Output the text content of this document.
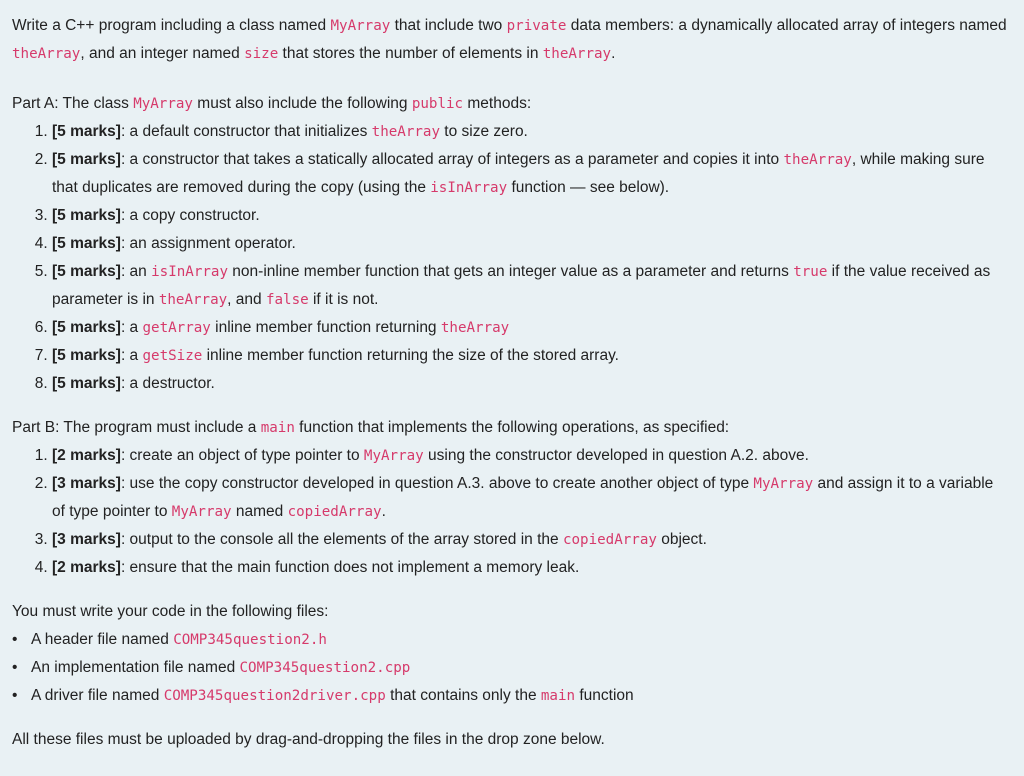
Write a C++ program including a class named MyArray that include two private data members: a dynamically allocated array of integers named theArray, and an integer named size that stores the number of elements in theArray.

Part A: The class MyArray must also include the following public methods:

1. [5 marks]: a default constructor that initializes theArray to size zero.
2. [5 marks]: a constructor that takes a statically allocated array of integers as a parameter and copies it into theArray, while making sure that duplicates are removed during the copy (using the isInArray function — see below).
3. [5 marks]: a copy constructor.
4. [5 marks]: an assignment operator.
5. [5 marks]: an isInArray non-inline member function that gets an integer value as a parameter and returns true if the value received as parameter is in theArray, and false if it is not.
6. [5 marks]: a getArray inline member function returning theArray
7. [5 marks]: a getSize inline member function returning the size of the stored array.
8. [5 marks]: a destructor.

Part B: The program must include a main function that implements the following operations, as specified:

1. [2 marks]: create an object of type pointer to MyArray using the constructor developed in question A.2. above.
2. [3 marks]: use the copy constructor developed in question A.3. above to create another object of type MyArray and assign it to a variable of type pointer to MyArray named copiedArray.
3. [3 marks]: output to the console all the elements of the array stored in the copiedArray object.
4. [2 marks]: ensure that the main function does not implement a memory leak.

You must write your code in the following files:

• A header file named COMP345question2.h
• An implementation file named COMP345question2.cpp
• A driver file named COMP345question2driver.cpp that contains only the main function

All these files must be uploaded by drag-and-dropping the files in the drop zone below.
